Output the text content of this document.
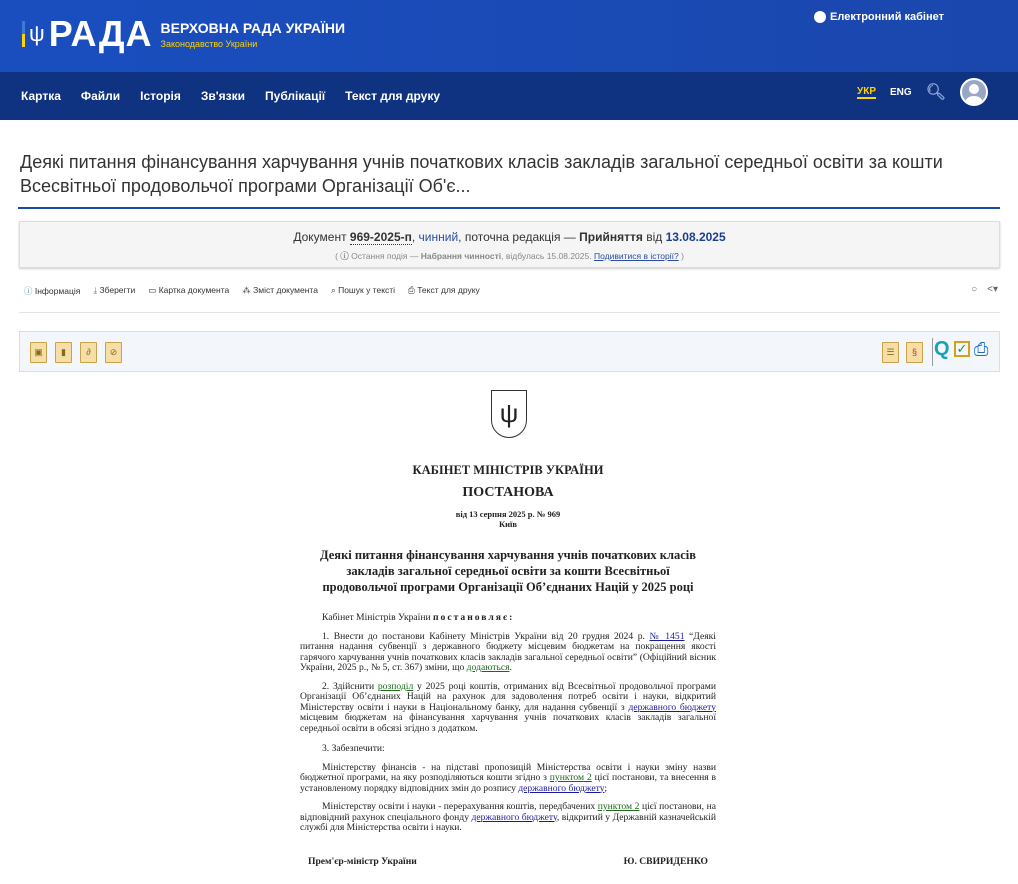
ψ РАДА ВЕРХОВНА РАДА УКРАЇНИ
Законодавство України
Електронний кабінет
Картка Файли Історія Зв'язки Публікації Текст для друку	УКР ENG 🔍︎
Деякі питання фінансування харчування учнів початкових класів закладів загальної середньої освіти за кошти Всесвітньої продовольчої програми Організації Об'є...
Документ 969-2025-п, чинний, поточна редакція — Прийняття від 13.08.2025
( ⓘ Остання подія — Набрання чинності, відбулась 15.08.2025. Подивитися в історії? )
ⓘ Інформація ⤓ Зберегти ▭ Картка документа ⁂ Зміст документа ⌕ Пошук у тексті ⎙ Текст для друку	○ <▾
▣	▮	∂	⊘	☰	§ Q ✓ ⎙
ψ
КАБІНЕТ МІНІСТРІВ УКРАЇНИ
ПОСТАНОВА
від 13 серпня 2025 р. № 969
Київ
Деякі питання фінансування харчування учнів початкових класів закладів загальної середньої освіти за кошти Всесвітньої продовольчої програми Організації Об’єднаних Націй у 2025 році
Кабінет Міністрів України постановляє:
1. Внести до постанови Кабінету Міністрів України від 20 грудня 2024 р. № 1451 “Деякі питання надання субвенції з державного бюджету місцевим бюджетам на покращення якості гарячого харчування учнів початкових класів закладів загальної середньої освіти” (Офіційний вісник України, 2025 р., № 5, ст. 367) зміни, що додаються.
2. Здійснити розподіл у 2025 році коштів, отриманих від Всесвітньої продовольчої програми Організації Об’єднаних Націй на рахунок для задоволення потреб освіти і науки, відкритий Міністерству освіти і науки в Національному банку, для надання субвенції з державного бюджету місцевим бюджетам на фінансування харчування учнів початкових класів закладів загальної середньої освіти в обсязі згідно з додатком.
3. Забезпечити:
Міністерству фінансів - на підставі пропозицій Міністерства освіти і науки зміну назви бюджетної програми, на яку розподіляються кошти згідно з пунктом 2 цієї постанови, та внесення в установленому порядку відповідних змін до розпису державного бюджету;
Міністерству освіти і науки - перерахування коштів, передбачених пунктом 2 цієї постанови, на відповідний рахунок спеціального фонду державного бюджету, відкритий у Державній казначейській службі для Міністерства освіти і науки.
Прем'єр-міністр України	Ю. СВИРИДЕНКО
